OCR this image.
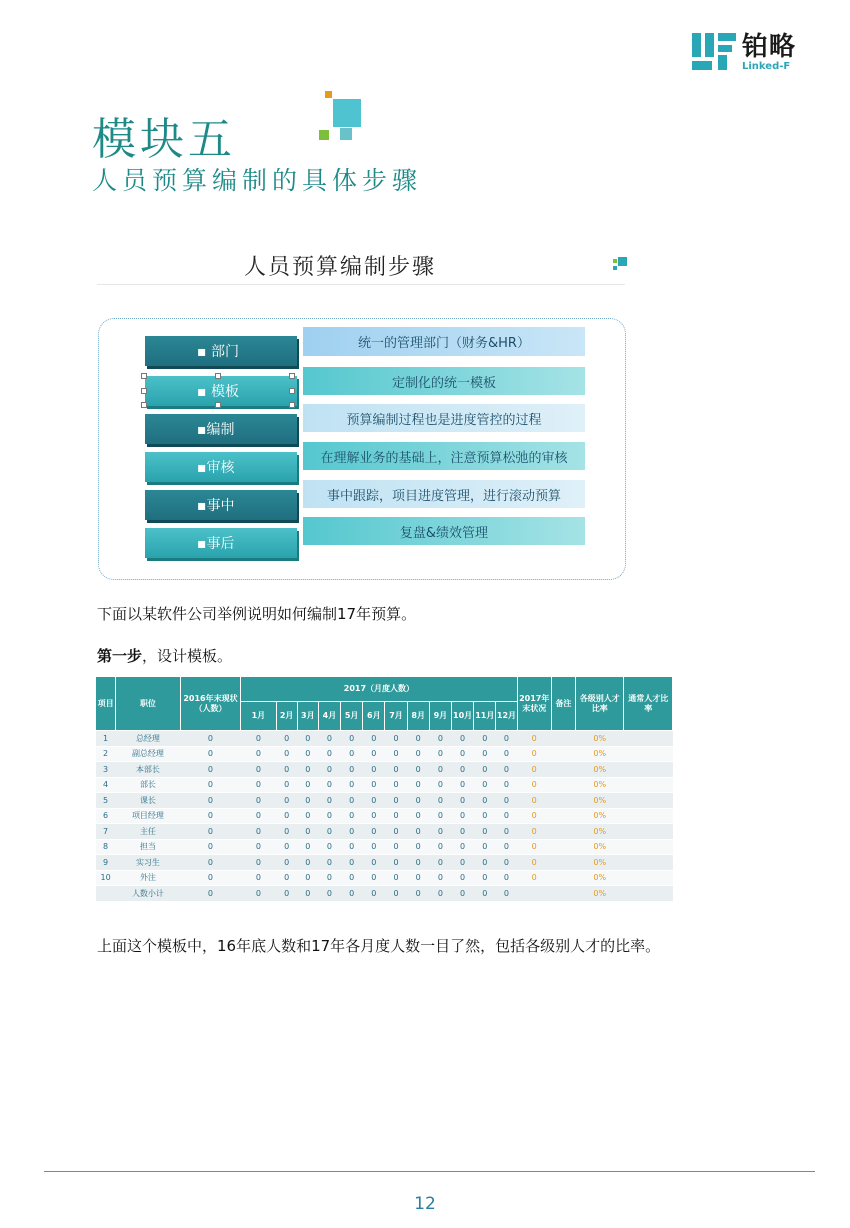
铂略
Linked-F
模块五
人员预算编制的具体步骤
人员预算编制步骤
▪ 部门
统一的管理部门（财务&HR）
▪ 模板
定制化的统一模板
▪编制
预算编制过程也是进度管控的过程
▪审核
在理解业务的基础上，注意预算松弛的审核
▪事中
事中跟踪，项目进度管理，进行滚动预算
▪事后
复盘&绩效管理
下面以某软件公司举例说明如何编制17年预算。
第一步，设计模板。
项目	职位	2016年末现状（人数）	2017（月度人数）												2017年末状况	备注	各级别人才比率	通常人才比率
			1月	2月	3月	4月	5月	6月	7月	8月	9月	10月	11月	12月				
1	总经理	0	0	0	0	0	0	0	0	0	0	0	0	0	0		0%	
2	副总经理	0	0	0	0	0	0	0	0	0	0	0	0	0	0		0%	
3	本部长	0	0	0	0	0	0	0	0	0	0	0	0	0	0		0%	
4	部长	0	0	0	0	0	0	0	0	0	0	0	0	0	0		0%	
5	课长	0	0	0	0	0	0	0	0	0	0	0	0	0	0		0%	
6	项目经理	0	0	0	0	0	0	0	0	0	0	0	0	0	0		0%	
7	主任	0	0	0	0	0	0	0	0	0	0	0	0	0	0		0%	
8	担当	0	0	0	0	0	0	0	0	0	0	0	0	0	0		0%	
9	实习生	0	0	0	0	0	0	0	0	0	0	0	0	0	0		0%	
10	外注	0	0	0	0	0	0	0	0	0	0	0	0	0	0		0%	
	人数小计	0	0	0	0	0	0	0	0	0	0	0	0	0			0%	
上面这个模板中，16年底人数和17年各月度人数一目了然，包括各级别人才的比率。
12
